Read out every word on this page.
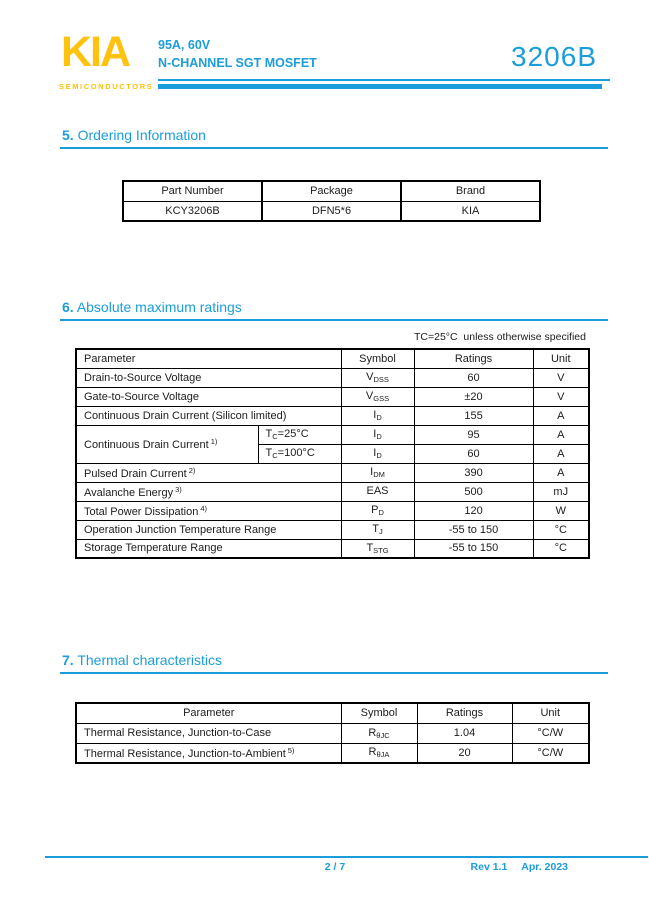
KIA
SEMICONDUCTORS
95A, 60V
N-CHANNEL SGT MOSFET	3206B
5. Ordering Information
Part Number	Package	Brand
KCY3206B	DFN5*6	KIA
6. Absolute maximum ratings
TC=25°C  unless otherwise specified
Parameter		Symbol	Ratings	Unit
Drain-to-Source Voltage		VDSS	60	V
Gate-to-Source Voltage		VGSS	±20	V
Continuous Drain Current (Silicon limited)		ID	155	A
Continuous Drain Current $^{1)}$	TC=25°C	ID	95	A
	TC=100°C	ID	60	A
Pulsed Drain Current $^{2)}$		IDM	390	A
Avalanche Energy $^{3)}$		EAS	500	mJ
Total Power Dissipation $^{4)}$		PD	120	W
Operation Junction Temperature Range		TJ	-55 to 150	°C
Storage Temperature Range		TSTG	-55 to 150	°C
7. Thermal characteristics
Parameter	Symbol	Ratings	Unit
Thermal Resistance, Junction-to-Case	RθJC	1.04	°C/W
Thermal Resistance, Junction-to-Ambient $^{5)}$	RθJA	20	°C/W
2 / 7	Rev 1.1 Apr. 2023
